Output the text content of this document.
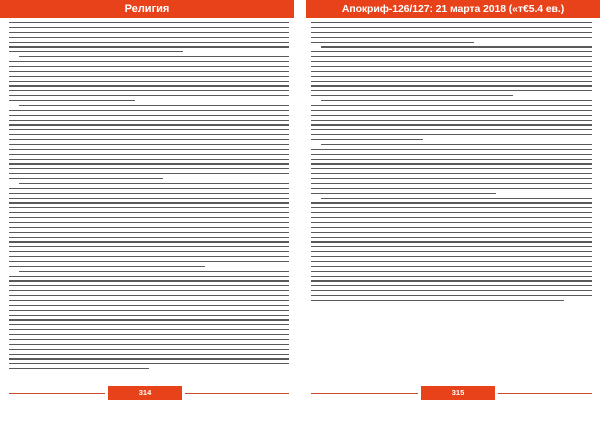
Религия	Апокриф-126/127: 21 марта 2018 («т€5.4 ев.)
314	315
